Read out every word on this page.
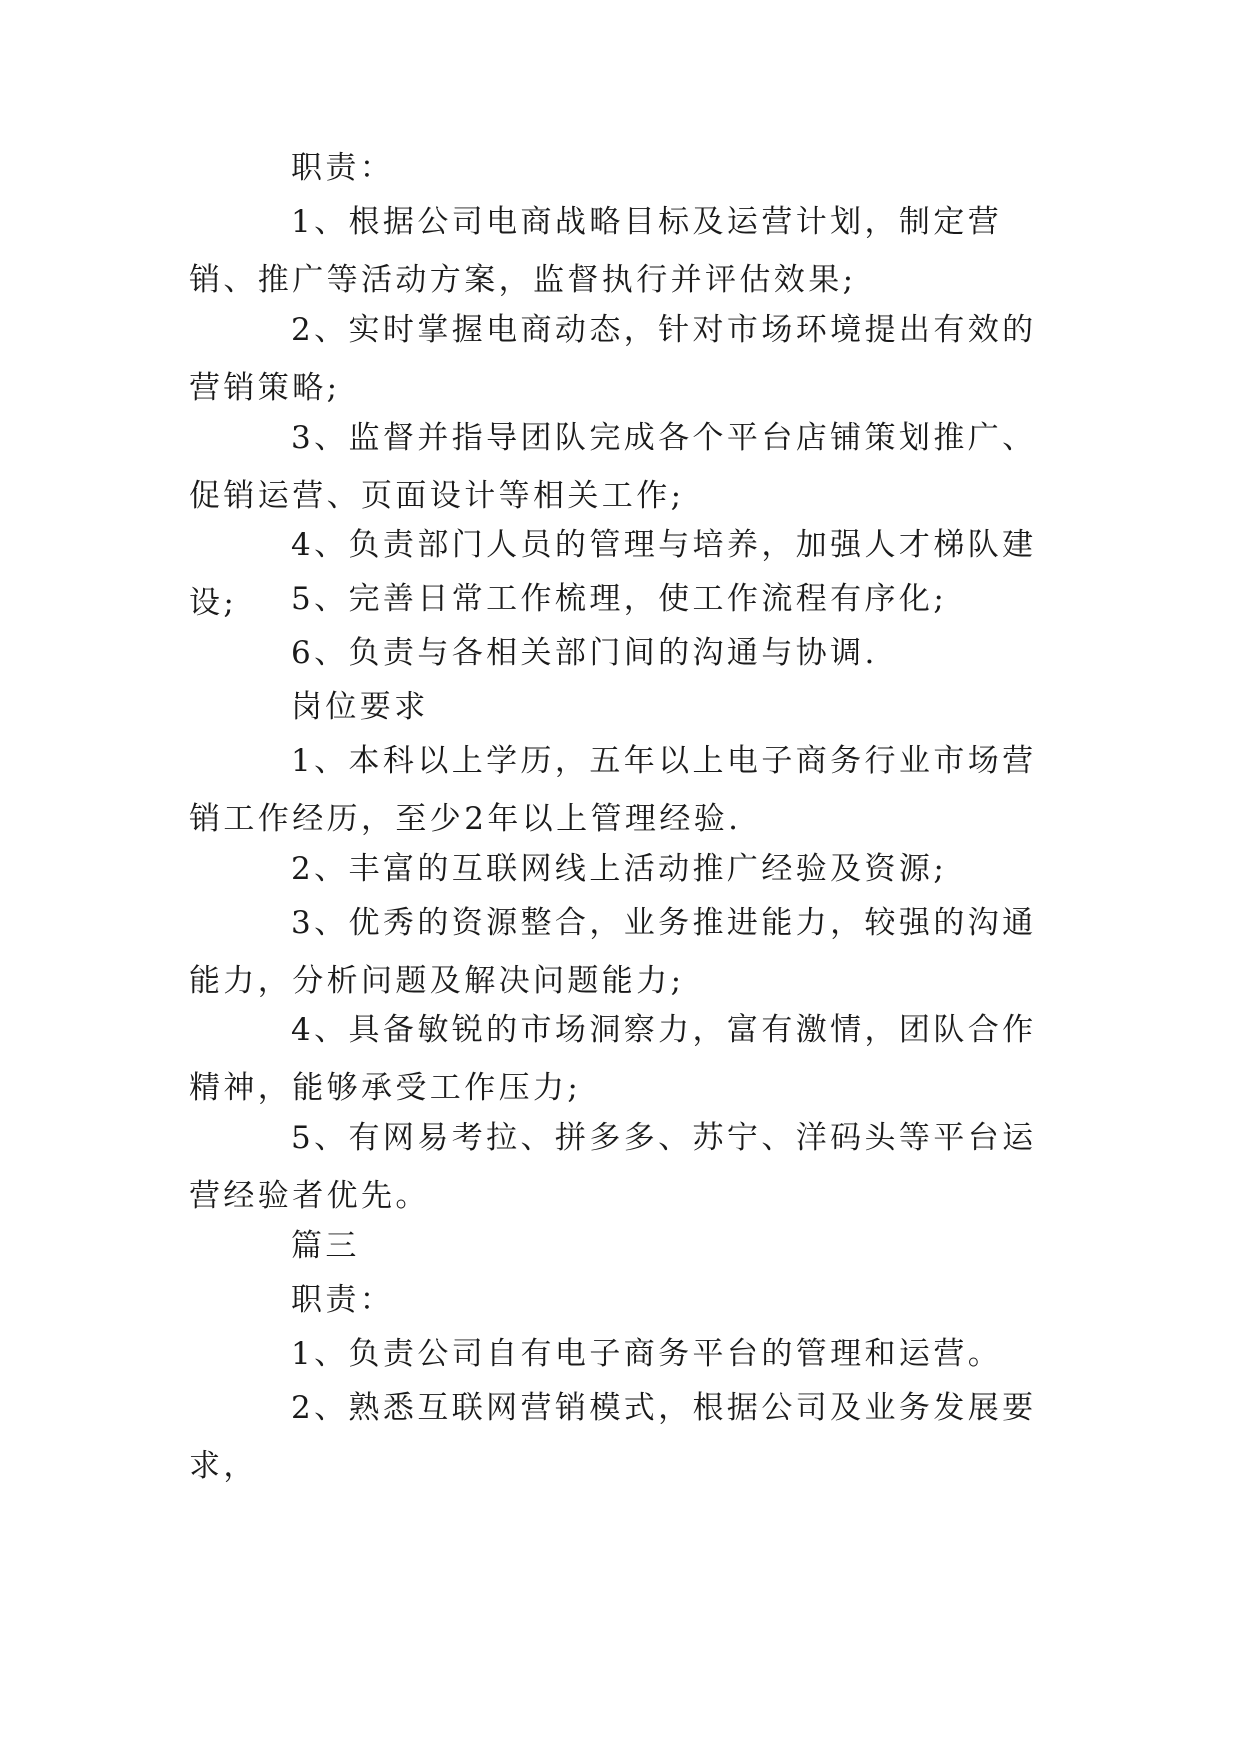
职责：

1、根据公司电商战略目标及运营计划，制定营销、推广等活动方案，监督执行并评估效果;

2、实时掌握电商动态，针对市场环境提出有效的营销策略;

3、监督并指导团队完成各个平台店铺策划推广、促销运营、页面设计等相关工作;

4、负责部门人员的管理与培养，加强人才梯队建设;	5、完善日常工作梳理，使工作流程有序化;

6、负责与各相关部门间的沟通与协调.

岗位要求

1、本科以上学历，五年以上电子商务行业市场营销工作经历，至少2年以上管理经验.

2、丰富的互联网线上活动推广经验及资源;

3、优秀的资源整合，业务推进能力，较强的沟通能力，分析问题及解决问题能力;

4、具备敏锐的市场洞察力，富有激情，团队合作精神，能够承受工作压力;

5、有网易考拉、拼多多、苏宁、洋码头等平台运营经验者优先。

篇三

职责：

1、负责公司自有电子商务平台的管理和运营。

2、熟悉互联网营销模式，根据公司及业务发展要求，
